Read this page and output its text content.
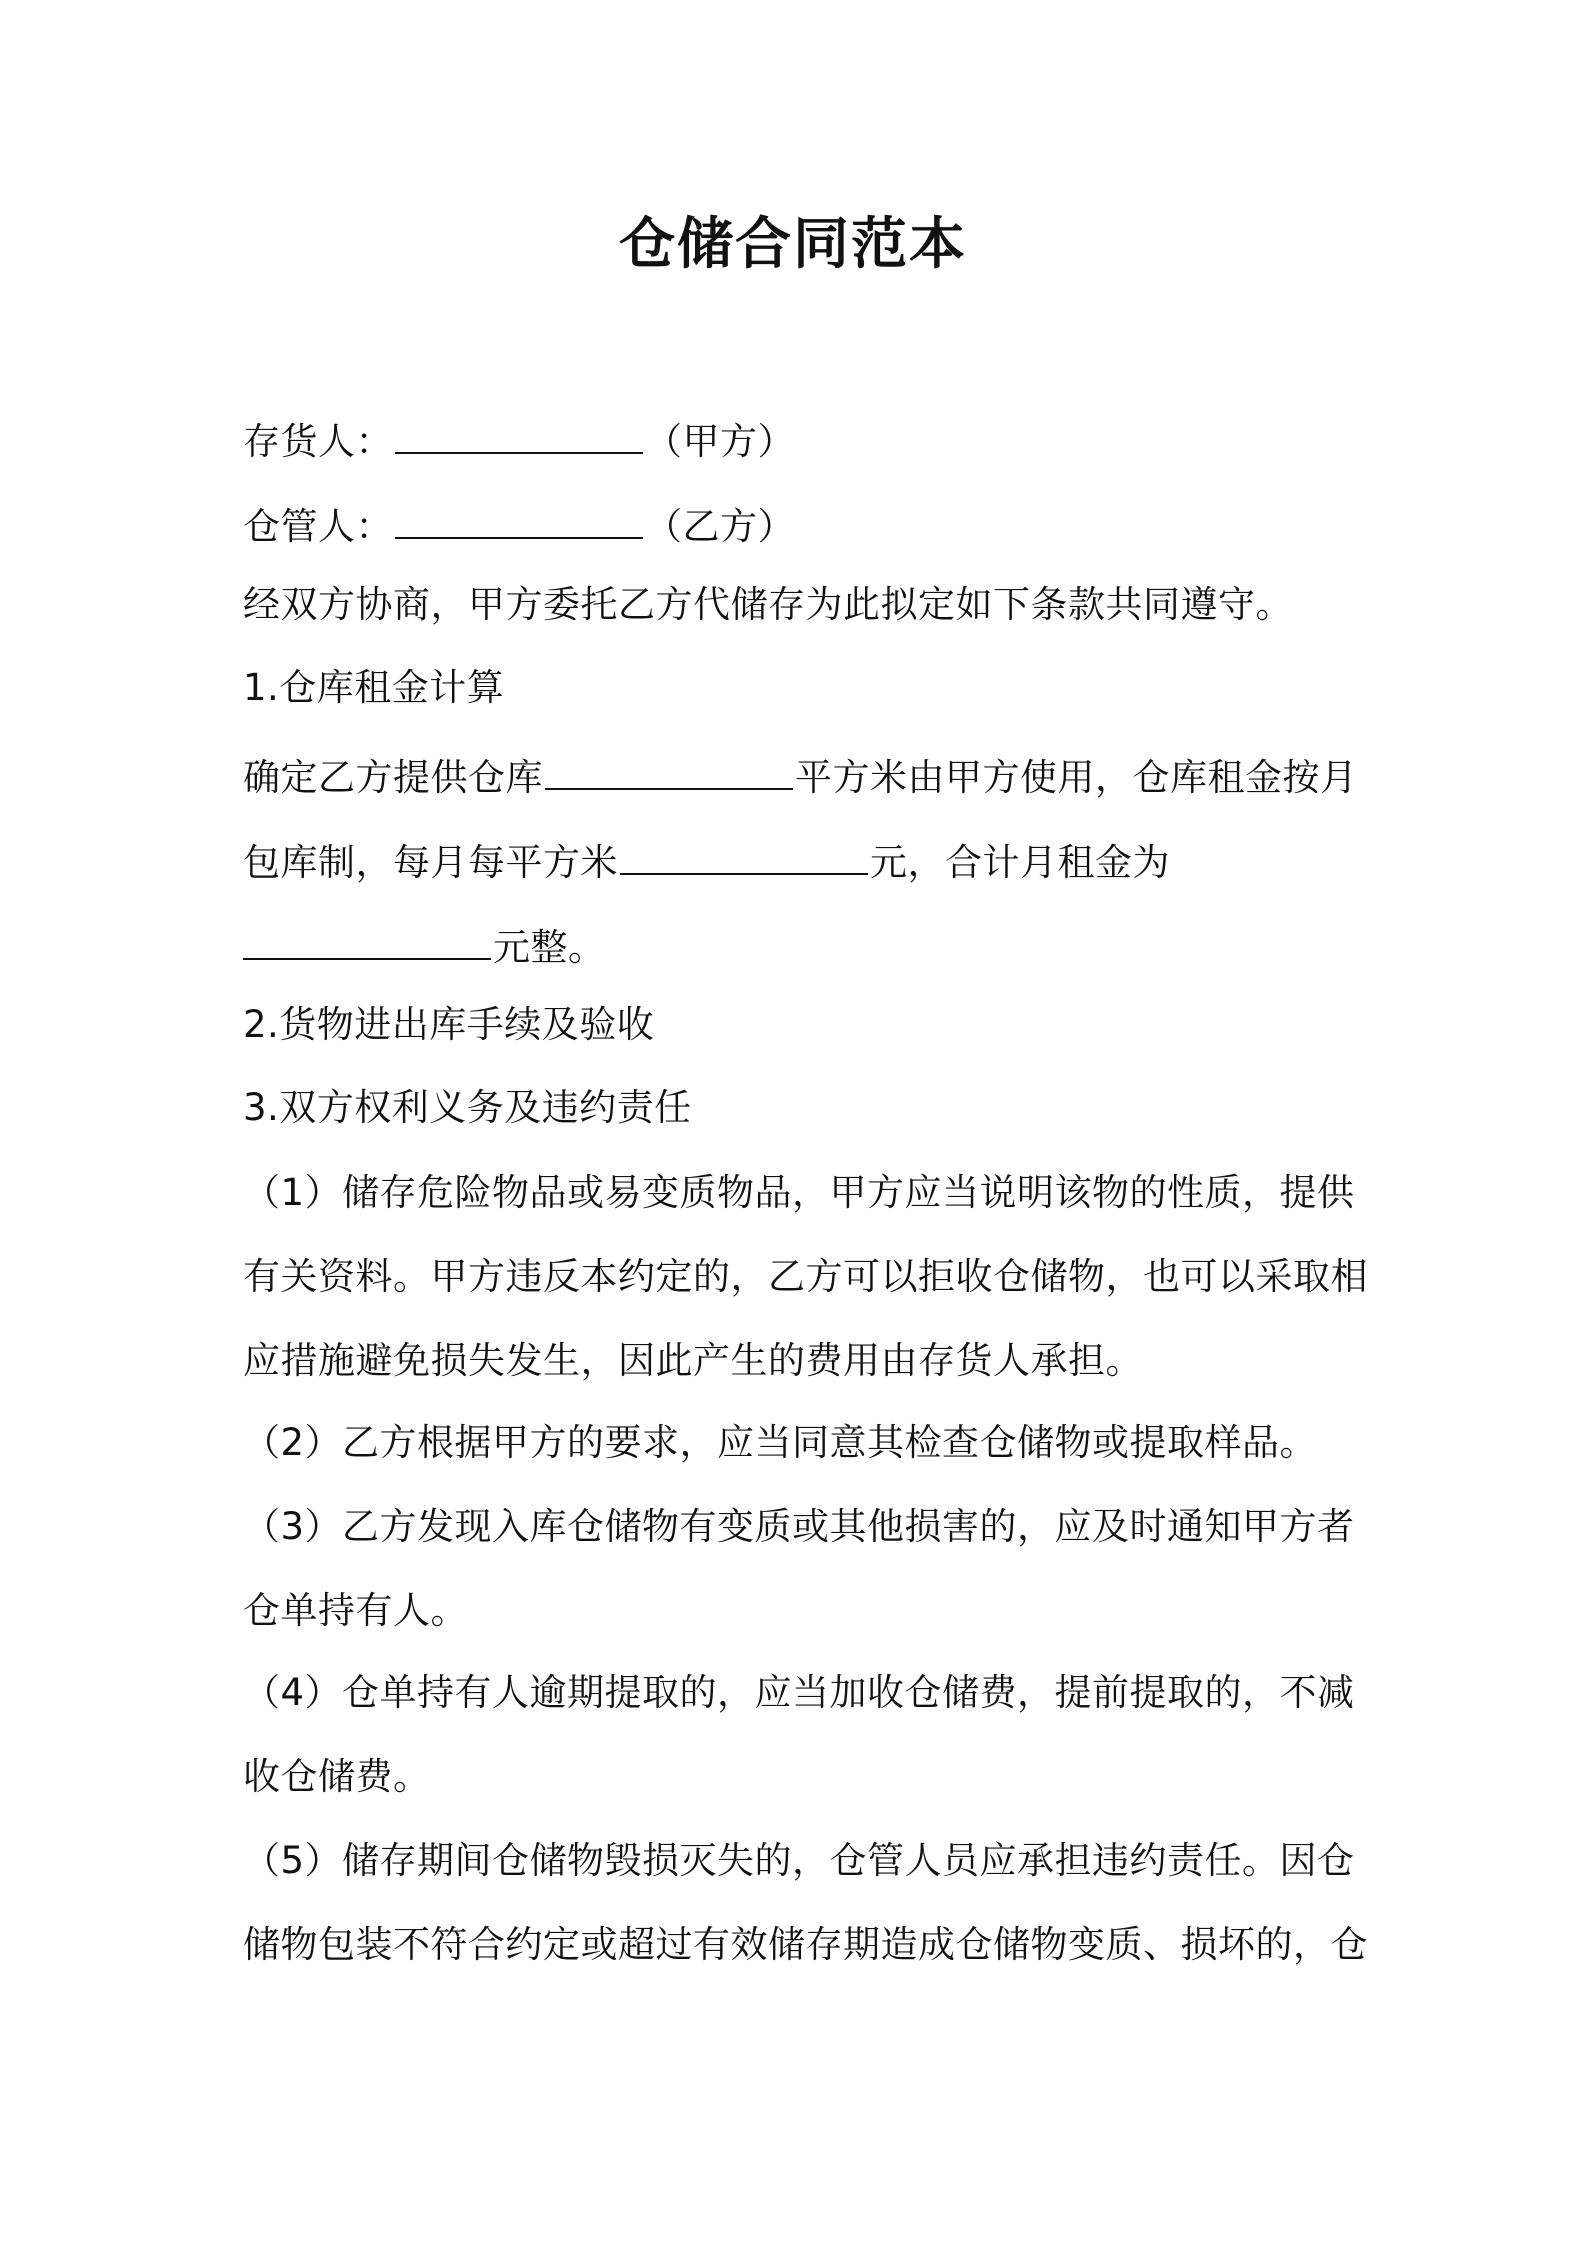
仓储合同范本
存货人：	（甲方）
仓管人：	（乙方）
经双方协商，甲方委托乙方代储存为此拟定如下条款共同遵守。
1.仓库租金计算
确定乙方提供仓库	平方米由甲方使用，仓库租金按月
包库制，每月每平方米	元，合计月租金为
元整。
2.货物进出库手续及验收
3.双方权利义务及违约责任
（1）储存危险物品或易变质物品，甲方应当说明该物的性质，提供
有关资料。甲方违反本约定的，乙方可以拒收仓储物，也可以采取相
应措施避免损失发生，因此产生的费用由存货人承担。
（2）乙方根据甲方的要求，应当同意其检查仓储物或提取样品。
（3）乙方发现入库仓储物有变质或其他损害的，应及时通知甲方者
仓单持有人。
（4）仓单持有人逾期提取的，应当加收仓储费，提前提取的，不减
收仓储费。
（5）储存期间仓储物毁损灭失的，仓管人员应承担违约责任。因仓
储物包装不符合约定或超过有效储存期造成仓储物变质、损坏的，仓
